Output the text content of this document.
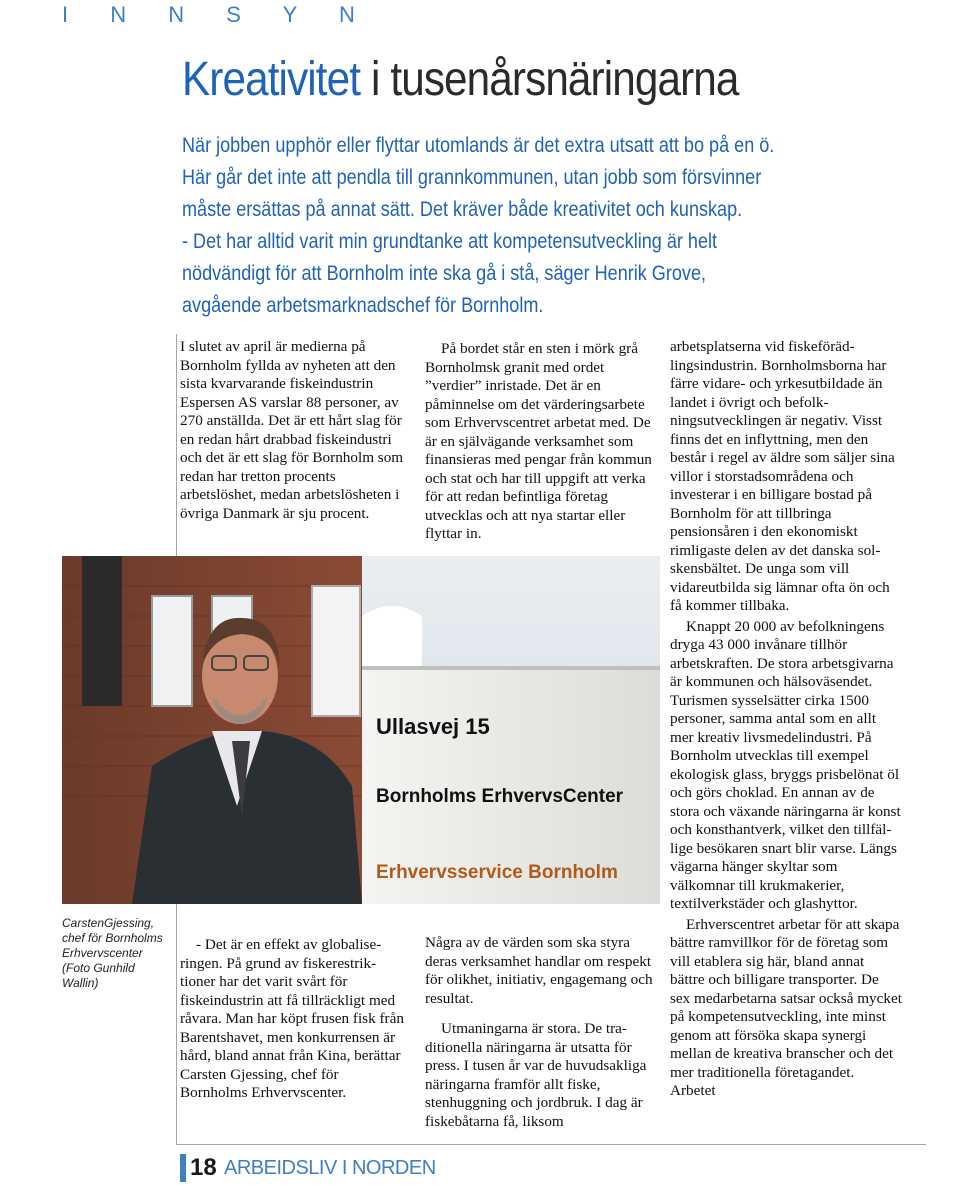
I N N S Y N
Kreativitet i tusenårsnäringarna

När jobben upphör eller flyttar utomlands är det extra utsatt att bo på en ö.

Här går det inte att pendla till grannkommunen, utan jobb som försvinner

måste ersättas på annat sätt. Det kräver både kreativitet och kunskap.

- Det har alltid varit min grundtanke att kompetensutveckling är helt

nödvändigt för att Bornholm inte ska gå i stå, säger Henrik Grove,

avgående arbetsmarknadschef för Bornholm.

I slutet av april är medierna på Bornholm fyllda av nyheten att den sista kvarvarande fiskeindustrin Espersen AS varslar 88 personer, av 270 anställda. Det är ett hårt slag för en redan hårt drabbad fiskeindustri och det är ett slag för Bornholm som redan har tretton procents arbetslöshet, medan arbetslösheten i övriga Danmark är sju procent.

På bordet står en sten i mörk grå Bornholmsk granit med ordet ”verdier” inristade. Det är en påminnelse om det värderingsarbete som Erhvervscentret arbetat med. De är en självägande verksamhet som finansieras med pengar från kommun och stat och har till uppgift att verka för att redan befintliga företag utvecklas och att nya startar eller flyttar in.

arbetsplatserna vid fiskeförädlingsindustrin. Bornholmsborna har färre vidare- och yrkesutbildade än landet i övrigt och befolkningsutvecklingen är negativ. Visst finns det en inflyttning, men den består i regel av äldre som säljer sina villor i storstadsområdena och investerar i en billigare bostad på Bornholm för att tillbringa pensionsåren i den ekonomiskt rimligaste delen av det danska solskensbältet. De unga som vill vidareutbilda sig lämnar ofta ön och få kommer tillbaka.

Knappt 20 000 av befolkningens dryga 43 000 invånare tillhör arbetskraften. De stora arbetsgivarna är kommunen och hälsoväsendet. Turismen sysselsätter cirka 1500 personer, samma antal som en allt mer kreativ livsmedelindustri. På Bornholm utvecklas till exempel ekologisk glass, bryggs prisbelönat öl och görs choklad. En annan av de stora och växande näringarna är konst och konsthantverk, vilket den tillfällige besökaren snart blir varse. Längs vägarna hänger skyltar som välkomnar till krukmakerier, textilverkstäder och glashyttor.

Erhverscentret arbetar för att skapa bättre ramvillkor för de företag som vill etablera sig här, bland annat bättre och billigare transporter. De sex medarbetarna satsar också mycket på kompetensutveckling, inte minst genom att försöka skapa synergi mellan de kreativa branscher och det mer traditionella företagandet. Arbetet

Ullasvej 15
Bornholms ErhvervsCenter
Erhvervsservice Bornholm
CarstenGjessing, chef för Bornholms Erhvervscenter (Foto Gunhild Wallin)

- Det är en effekt av globaliseringen. På grund av fiskerestriktioner har det varit svårt för fiskeindustrin att få tillräckligt med råvara. Man har köpt frusen fisk från Barentshavet, men konkurrensen är hård, bland annat från Kina, berättar Carsten Gjessing, chef för Bornholms Erhvervscenter.

Några av de värden som ska styra deras verksamhet handlar om respekt för olikhet, initiativ, engagemang och resultat.

Utmaningarna är stora. De traditionella näringarna är utsatta för press. I tusen år var de huvudsakliga näringarna framför allt fiske, stenhuggning och jordbruk. I dag är fiskebåtarna få, liksom

18 ARBEIDSLIV I NORDEN
